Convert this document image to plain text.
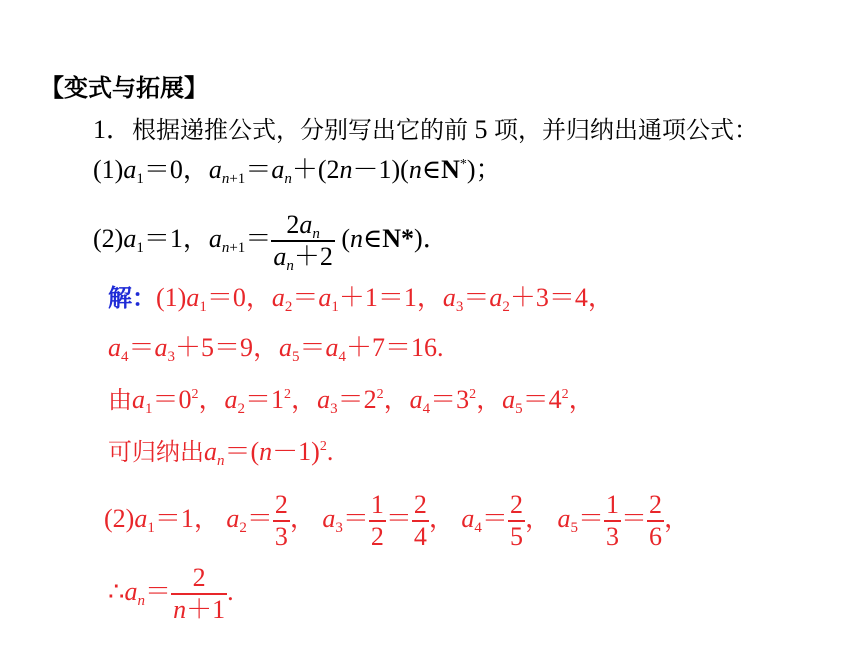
【变式与拓展】
1．根据递推公式，分别写出它的前 5 项，并归纳出通项公式：
$(1)a_1=0$，$a_{n+1}=a_n+(2n-1)(n\in N^*)$；
$(2)a_1=1$，$a_{n+1}= \frac{2a_n}{a_n+2}$ (n∈N*)．
解：$(1)a_1=0$，$a_2=a_1+1=1$，$a_3=a_2+3=4$，
$a_4=a_3+5=9$，$a_5=a_4+7=16$.
由$a_1=0^2$，$a_2=1^2$，$a_3=2^2$，$a_4=3^2$，$a_5=4^2$，
可归纳出$a_n=(n-1)^2$.
$(2)a_1=1$， $a_2= \frac{2}{3}$ ， $a_3= \frac{1}{2} = \frac{2}{4}$ ， $a_4= \frac{2}{5}$ ， $a_5= \frac{1}{3} = \frac{2}{6}$ ，
$\therefore a_n= \frac{2}{n+1}$ .
